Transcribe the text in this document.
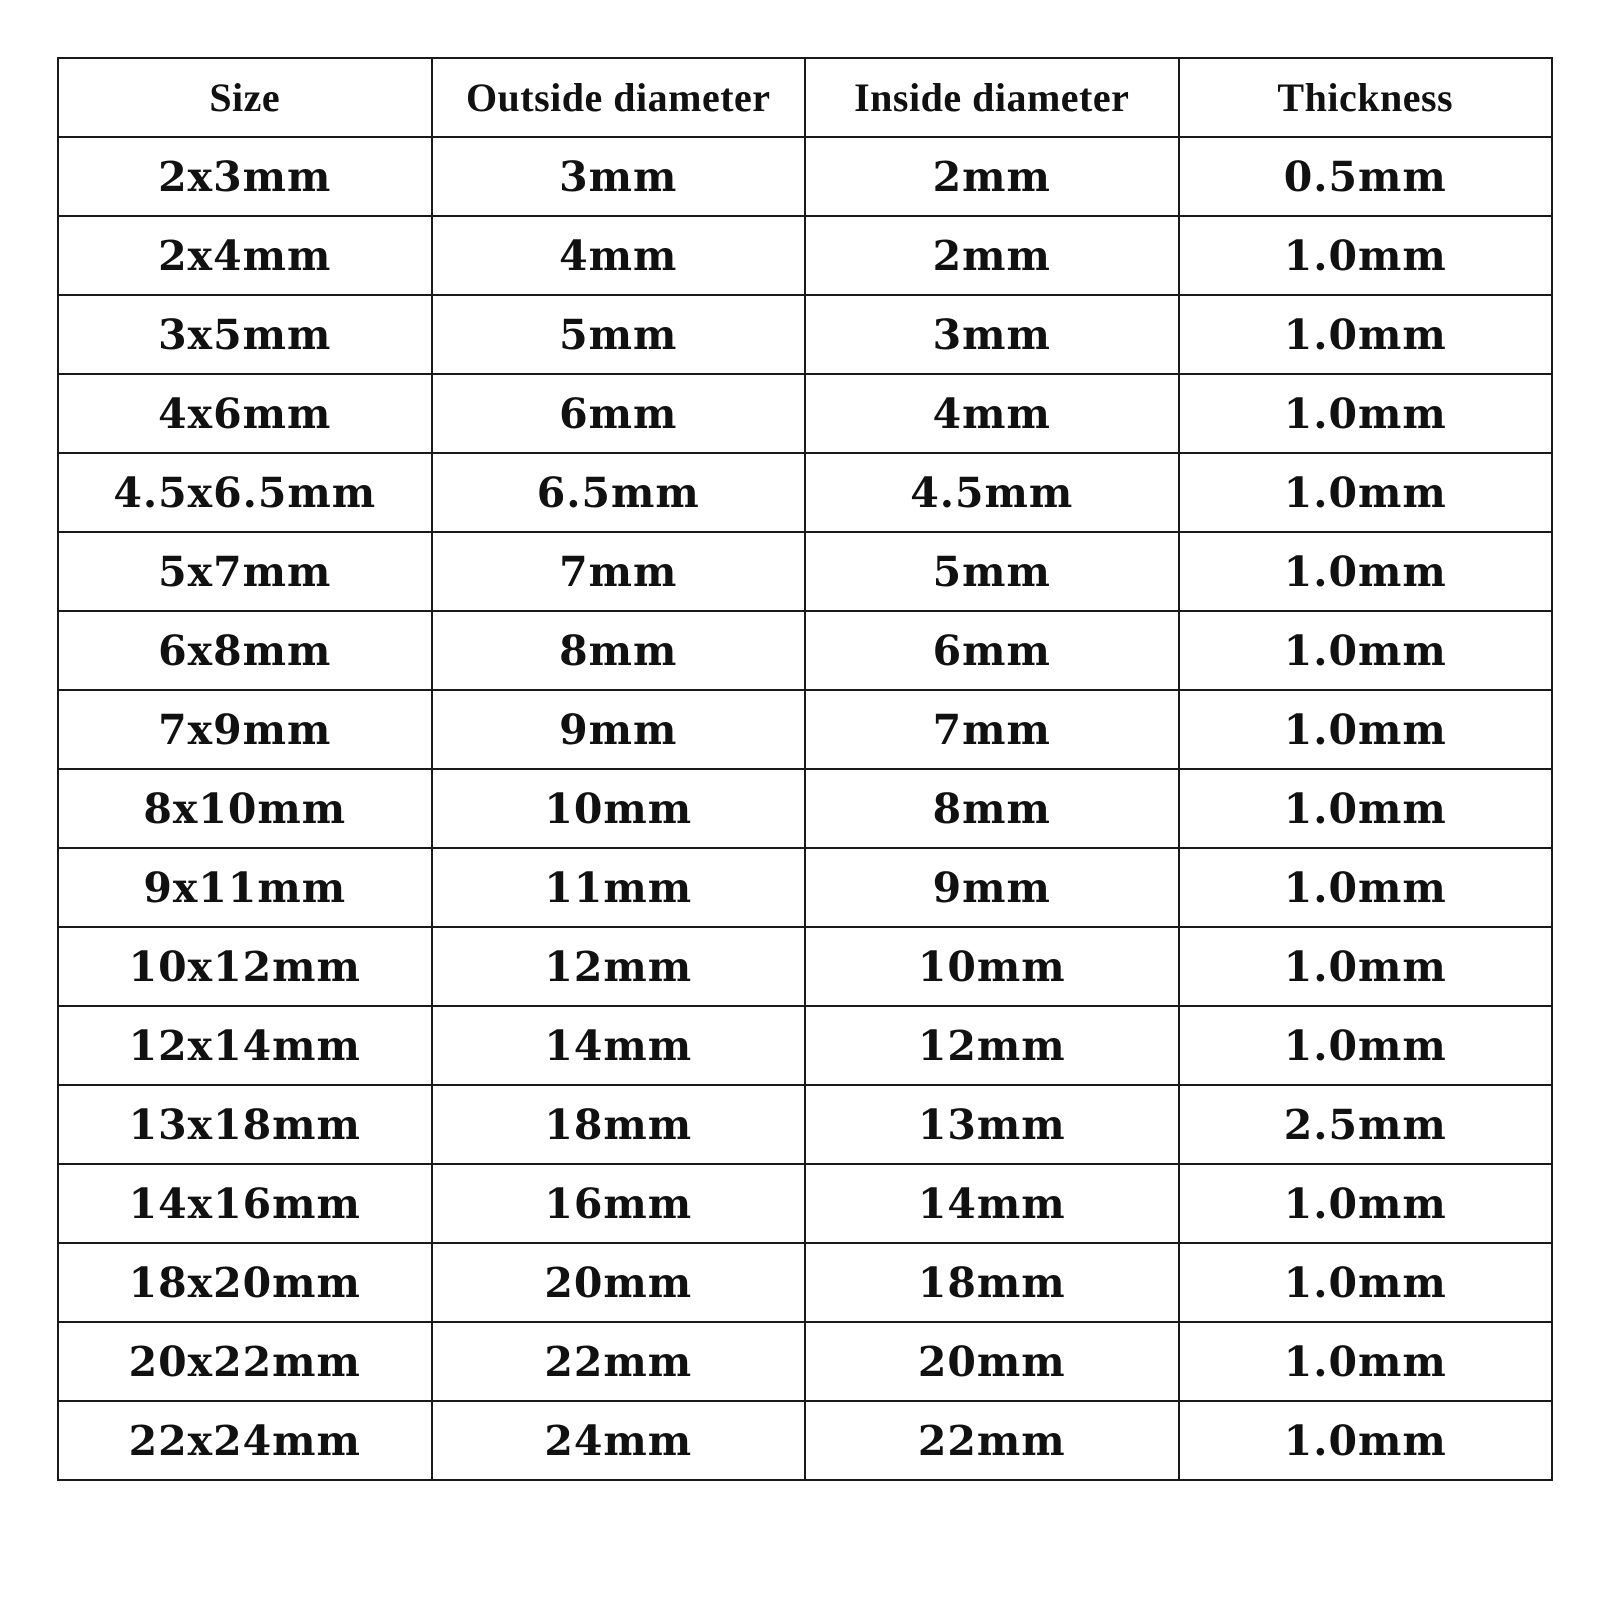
Size	Outside diameter	Inside diameter	Thickness
2x3mm	3mm	2mm	0.5mm
2x4mm	4mm	2mm	1.0mm
3x5mm	5mm	3mm	1.0mm
4x6mm	6mm	4mm	1.0mm
4.5x6.5mm	6.5mm	4.5mm	1.0mm
5x7mm	7mm	5mm	1.0mm
6x8mm	8mm	6mm	1.0mm
7x9mm	9mm	7mm	1.0mm
8x10mm	10mm	8mm	1.0mm
9x11mm	11mm	9mm	1.0mm
10x12mm	12mm	10mm	1.0mm
12x14mm	14mm	12mm	1.0mm
13x18mm	18mm	13mm	2.5mm
14x16mm	16mm	14mm	1.0mm
18x20mm	20mm	18mm	1.0mm
20x22mm	22mm	20mm	1.0mm
22x24mm	24mm	22mm	1.0mm
